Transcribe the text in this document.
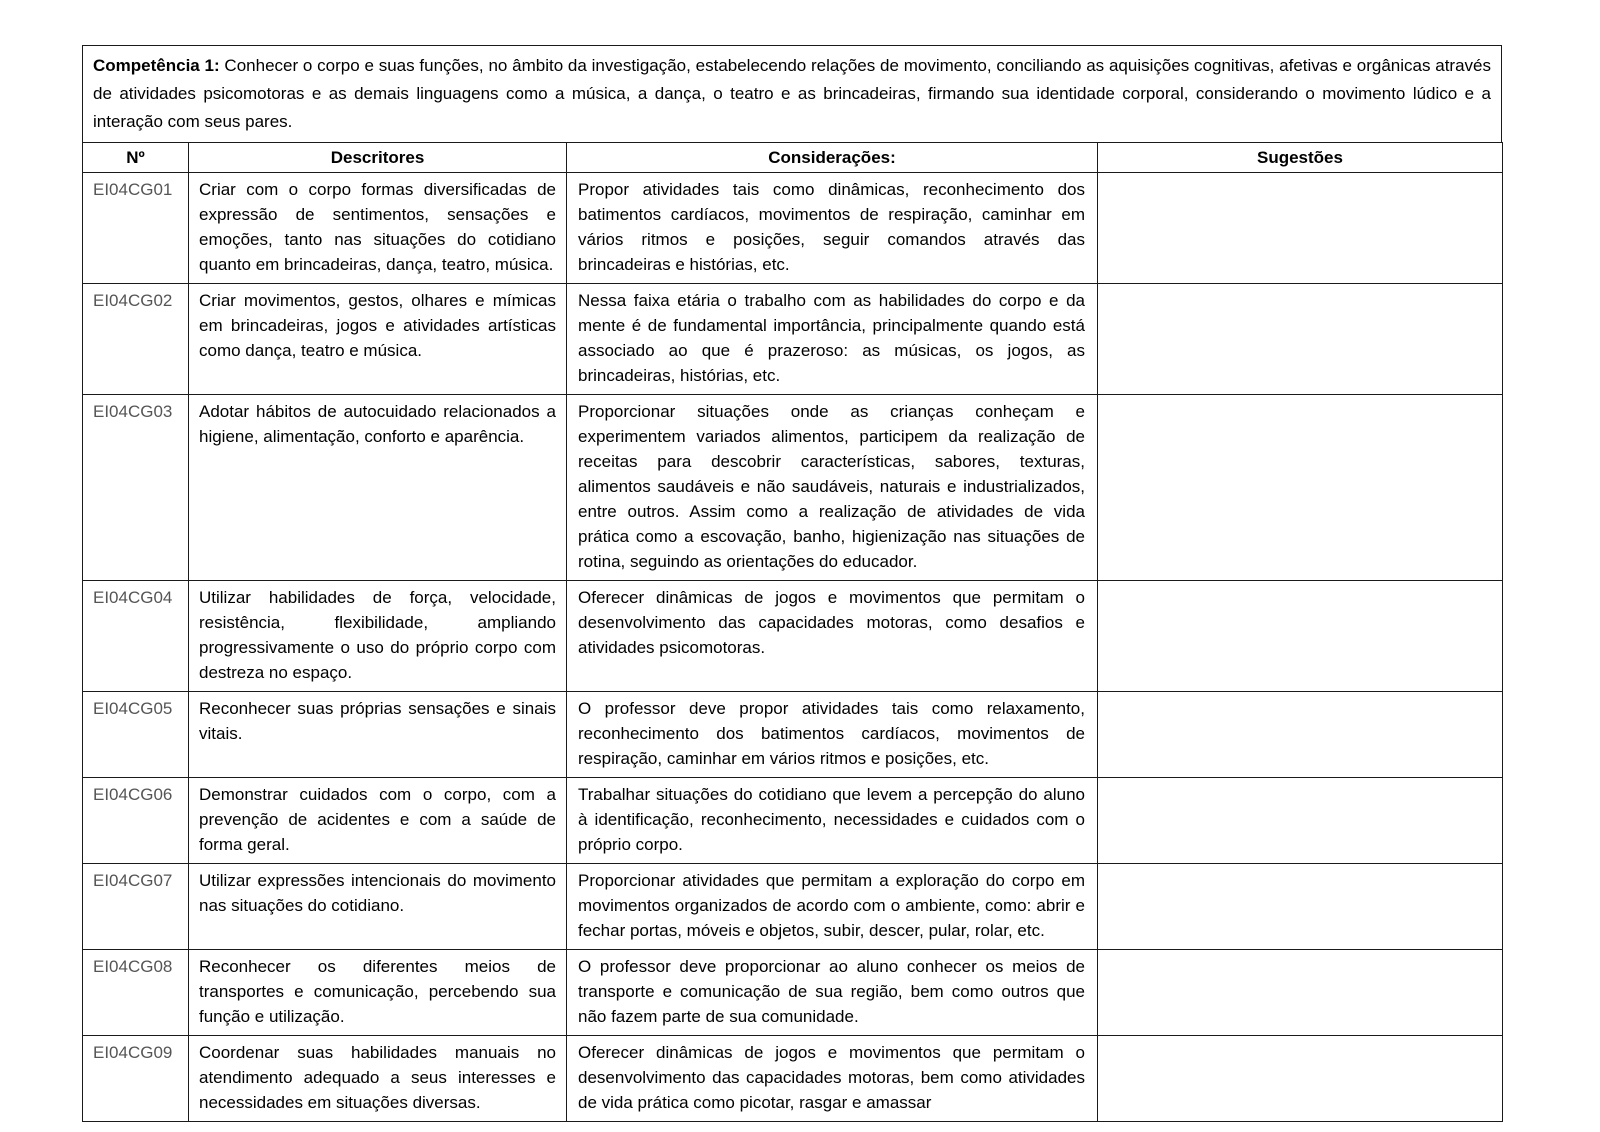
Competência 1: Conhecer o corpo e suas funções, no âmbito da investigação, estabelecendo relações de movimento, conciliando as aquisições cognitivas, afetivas e orgânicas através de atividades psicomotoras e as demais linguagens como a música, a dança, o teatro e as brincadeiras, firmando sua identidade corporal, considerando o movimento lúdico e a interação com seus pares.
Nº	Descritores	Considerações:	Sugestões
EI04CG01	Criar com o corpo formas diversificadas de expressão de sentimentos, sensações e emoções, tanto nas situações do cotidiano quanto em brincadeiras, dança, teatro, música.	Propor atividades tais como dinâmicas, reconhecimento dos batimentos cardíacos, movimentos de respiração, caminhar em vários ritmos e posições, seguir comandos através das brincadeiras e histórias, etc.	
EI04CG02	Criar movimentos, gestos, olhares e mímicas em brincadeiras, jogos e atividades artísticas como dança, teatro e música.	Nessa faixa etária o trabalho com as habilidades do corpo e da mente é de fundamental importância, principalmente quando está associado ao que é prazeroso: as músicas, os jogos, as brincadeiras, histórias, etc.	
EI04CG03	Adotar hábitos de autocuidado relacionados a higiene, alimentação, conforto e aparência.	Proporcionar situações onde as crianças conheçam e experimentem variados alimentos, participem da realização de receitas para descobrir características, sabores, texturas, alimentos saudáveis e não saudáveis, naturais e industrializados, entre outros. Assim como a realização de atividades de vida prática como a escovação, banho, higienização nas situações de rotina, seguindo as orientações do educador.	
EI04CG04	Utilizar habilidades de força, velocidade, resistência, flexibilidade, ampliando progressivamente o uso do próprio corpo com destreza no espaço.	Oferecer dinâmicas de jogos e movimentos que permitam o desenvolvimento das capacidades motoras, como desafios e atividades psicomotoras.	
EI04CG05	Reconhecer suas próprias sensações e sinais vitais.	O professor deve propor atividades tais como relaxamento, reconhecimento dos batimentos cardíacos, movimentos de respiração, caminhar em vários ritmos e posições, etc.	
EI04CG06	Demonstrar cuidados com o corpo, com a prevenção de acidentes e com a saúde de forma geral.	Trabalhar situações do cotidiano que levem a percepção do aluno à identificação, reconhecimento, necessidades e cuidados com o próprio corpo.	
EI04CG07	Utilizar expressões intencionais do movimento nas situações do cotidiano.	Proporcionar atividades que permitam a exploração do corpo em movimentos organizados de acordo com o ambiente, como: abrir e fechar portas, móveis e objetos, subir, descer, pular, rolar, etc.	
EI04CG08	Reconhecer os diferentes meios de transportes e comunicação, percebendo sua função e utilização.	O professor deve proporcionar ao aluno conhecer os meios de transporte e comunicação de sua região, bem como outros que não fazem parte de sua comunidade.	
EI04CG09	Coordenar suas habilidades manuais no atendimento adequado a seus interesses e necessidades em situações diversas.	Oferecer dinâmicas de jogos e movimentos que permitam o desenvolvimento das capacidades motoras, bem como atividades de vida prática como picotar, rasgar e amassar	
